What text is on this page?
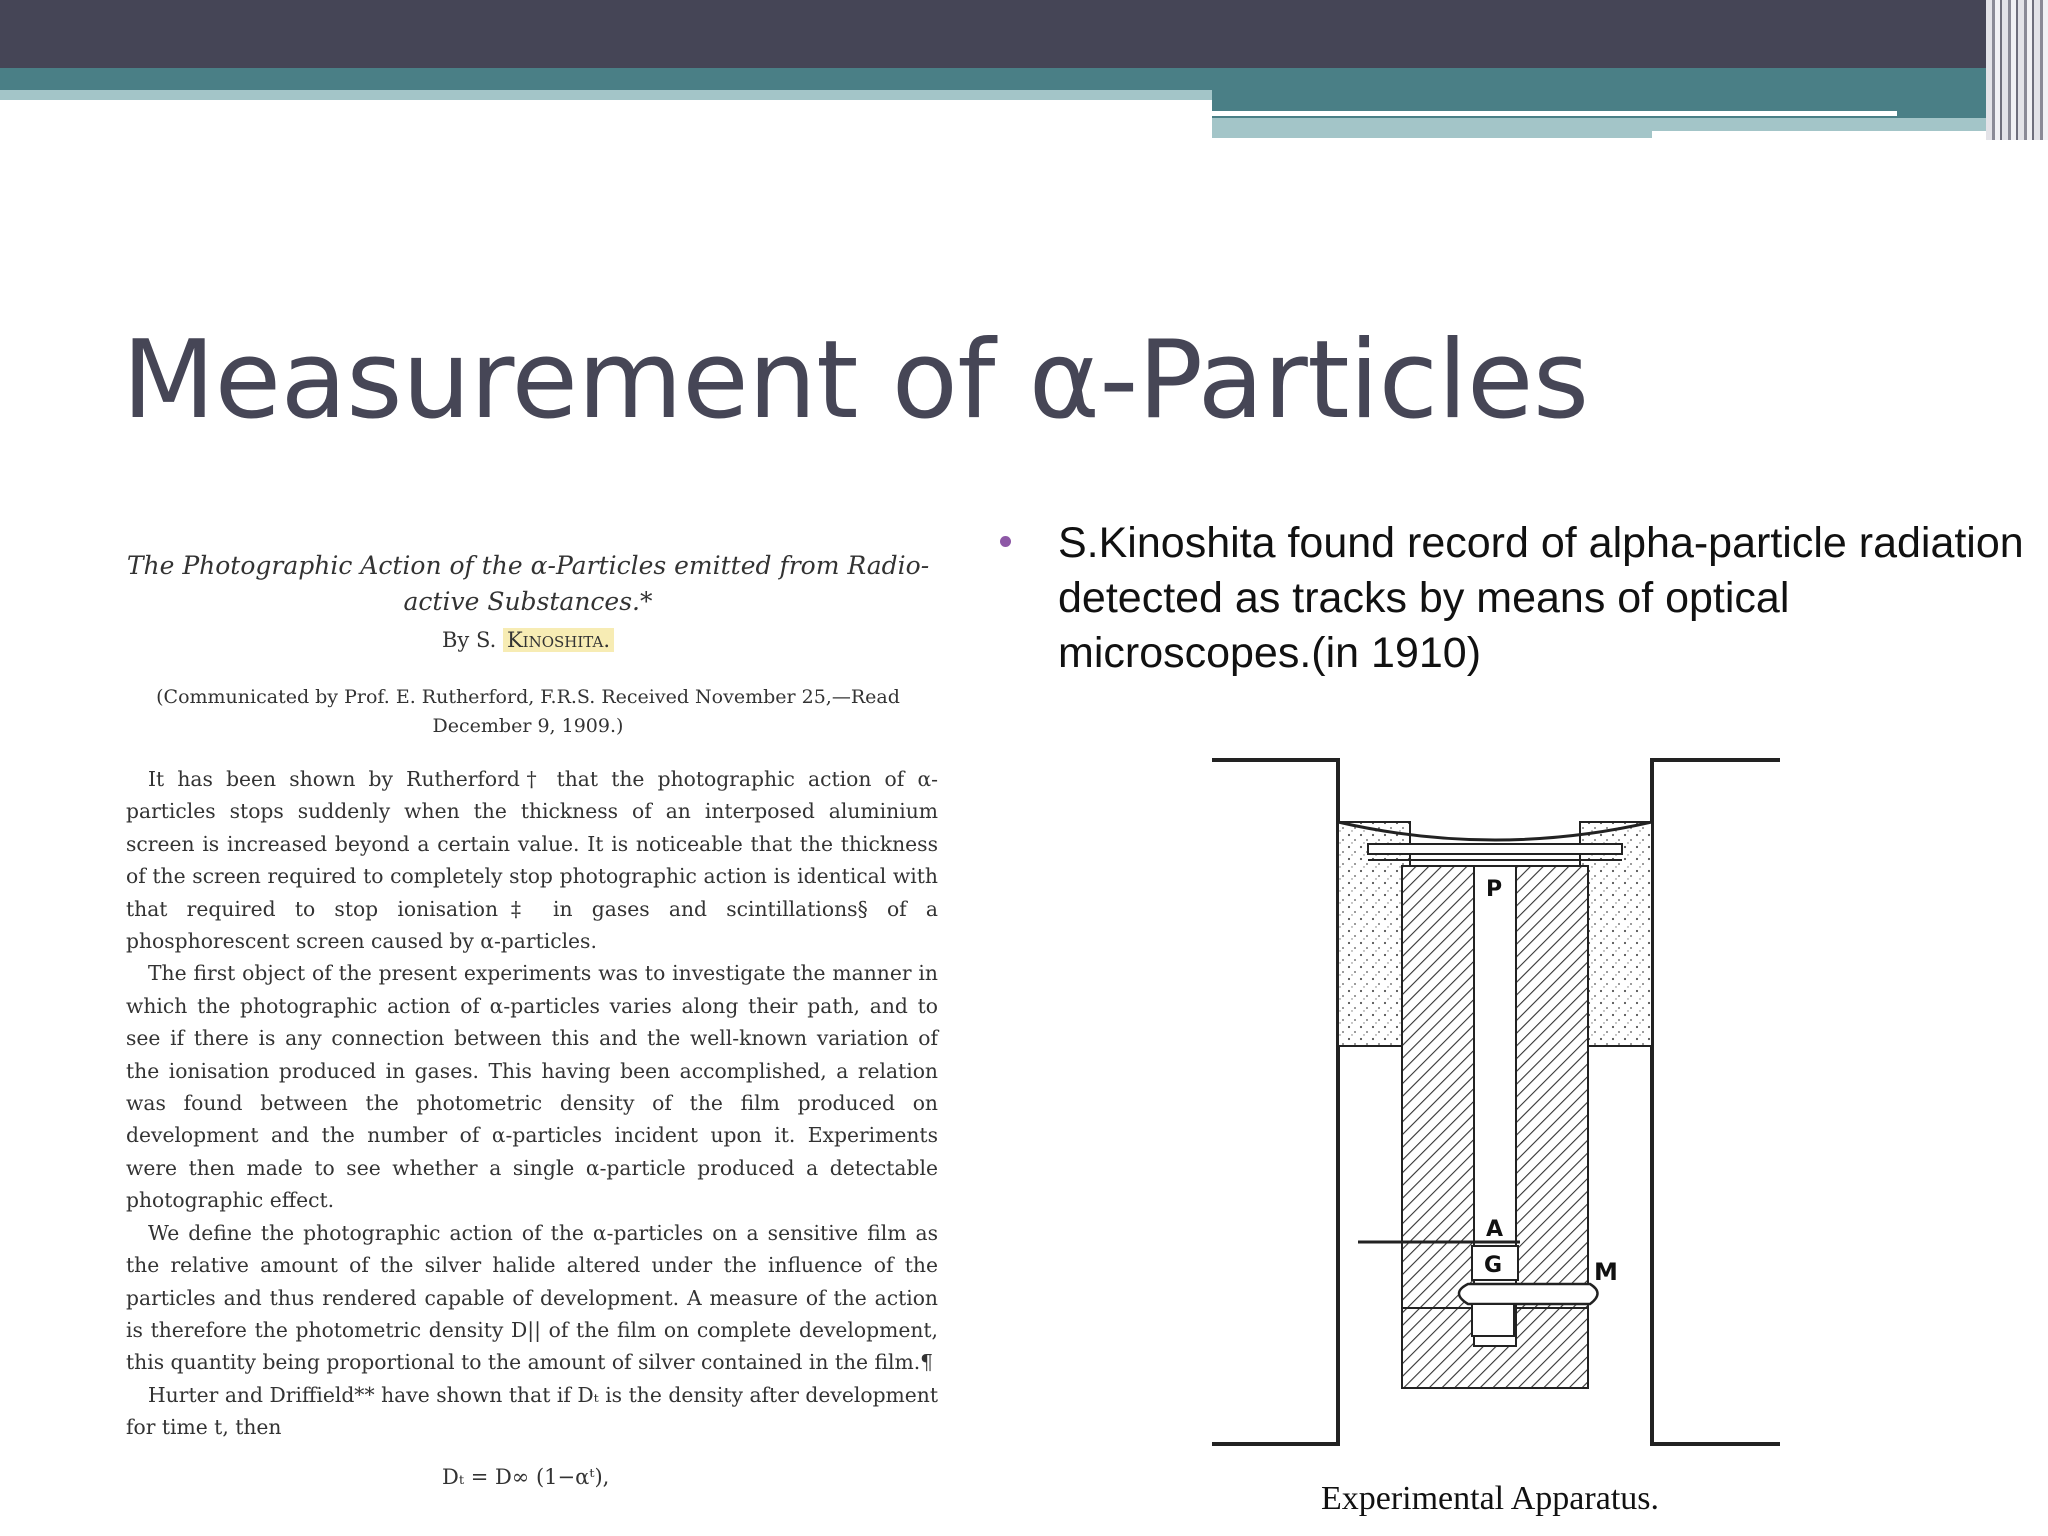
Measurement of α-Particles
S.Kinoshita found record of alpha-particle radiation detected as tracks by means of optical microscopes.(in 1910)
The Photographic Action of the α-Particles emitted from Radio-active Substances.*
By S. Kinoshita.
(Communicated by Prof. E. Rutherford, F.R.S. Received November 25,—Read December 9, 1909.)

It has been shown by Rutherford† that the photographic action of α-particles stops suddenly when the thickness of an interposed aluminium screen is increased beyond a certain value. It is noticeable that the thickness of the screen required to completely stop photographic action is identical with that required to stop ionisation‡ in gases and scintillations§ of a phosphorescent screen caused by α-particles.

The first object of the present experiments was to investigate the manner in which the photographic action of α-particles varies along their path, and to see if there is any connection between this and the well-known variation of the ionisation produced in gases. This having been accomplished, a relation was found between the photometric density of the film produced on development and the number of α-particles incident upon it. Experiments were then made to see whether a single α-particle produced a detectable photographic effect.

We define the photographic action of the α-particles on a sensitive film as the relative amount of the silver halide altered under the influence of the particles and thus rendered capable of development. A measure of the action is therefore the photometric density D|| of the film on complete development, this quantity being proportional to the amount of silver contained in the film.¶

Hurter and Driffield** have shown that if Dₜ is the density after development for time t, then

Dₜ = D∞ (1−αᵗ),
P
A
G	M
Experimental Apparatus.
